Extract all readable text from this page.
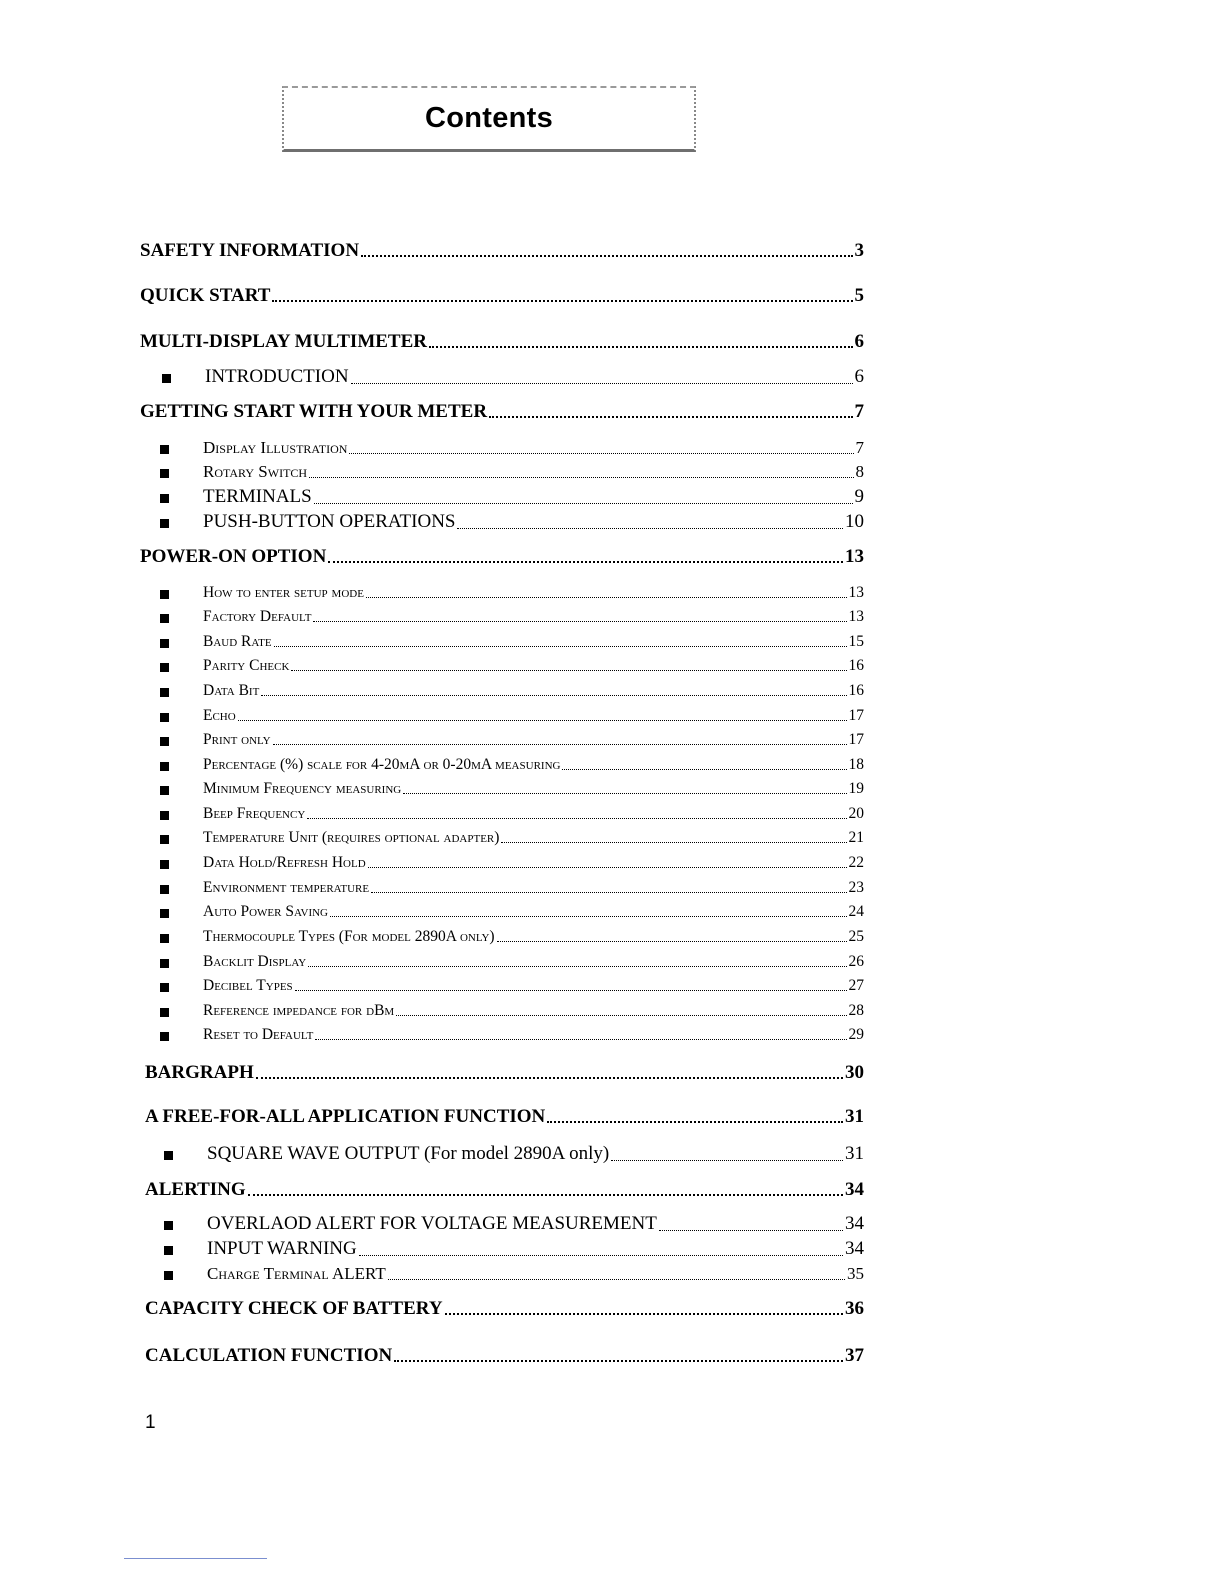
Contents
SAFETY INFORMATION	3
QUICK START	5
MULTI-DISPLAY MULTIMETER	6
INTRODUCTION	6
GETTING START WITH YOUR METER	7
Display Illustration	7
Rotary Switch	8
TERMINALS	9
PUSH-BUTTON OPERATIONS	10
POWER-ON OPTION	13
How to enter setup mode	13
Factory Default	13
Baud Rate	15
Parity Check	16
Data Bit	16
Echo	17
Print only	17
Percentage (%) scale for 4-20mA or 0-20mA measuring	18
Minimum Frequency measuring	19
Beep Frequency	20
Temperature Unit (requires optional adapter)	21
Data Hold/Refresh Hold	22
Environment temperature	23
Auto Power Saving	24
Thermocouple Types (For model 2890A only)	25
Backlit Display	26
Decibel Types	27
Reference impedance for dBm	28
Reset to Default	29
BARGRAPH	30
A FREE-FOR-ALL APPLICATION FUNCTION	31
SQUARE WAVE OUTPUT (For model 2890A only)	31
ALERTING	34
OVERLAOD ALERT FOR VOLTAGE MEASUREMENT	34
INPUT WARNING	34
Charge Terminal ALERT	35
CAPACITY CHECK OF BATTERY	36
CALCULATION FUNCTION	37
1
